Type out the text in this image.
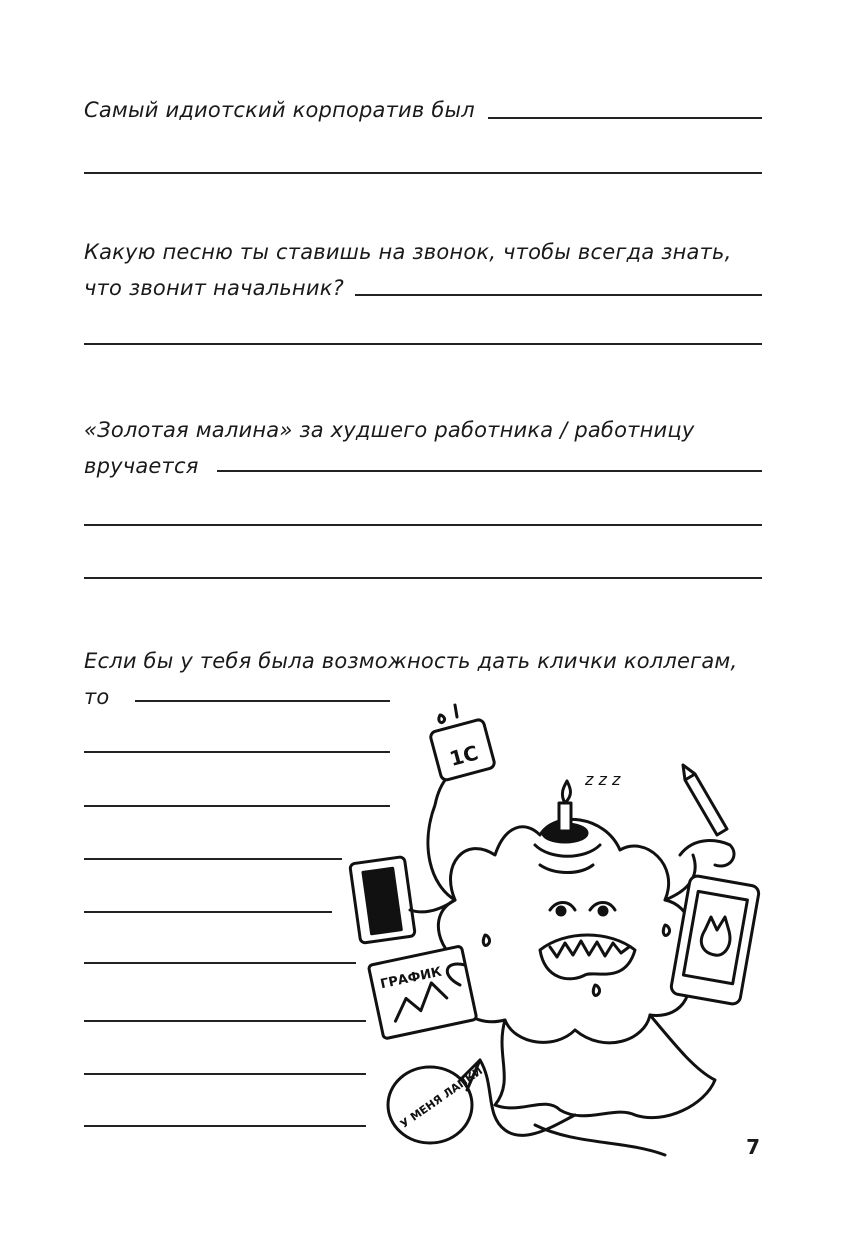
Самый идиотский корпоратив был
Какую песню ты ставишь на звонок, чтобы всегда знать,
что звонит начальник?
«Золотая малина» за худшего работника / работницу
вручается
Если бы у тебя была возможность дать клички коллегам,
то
z z z
1С
ГРАФИК
У МЕНЯ ЛАПКИ
7
